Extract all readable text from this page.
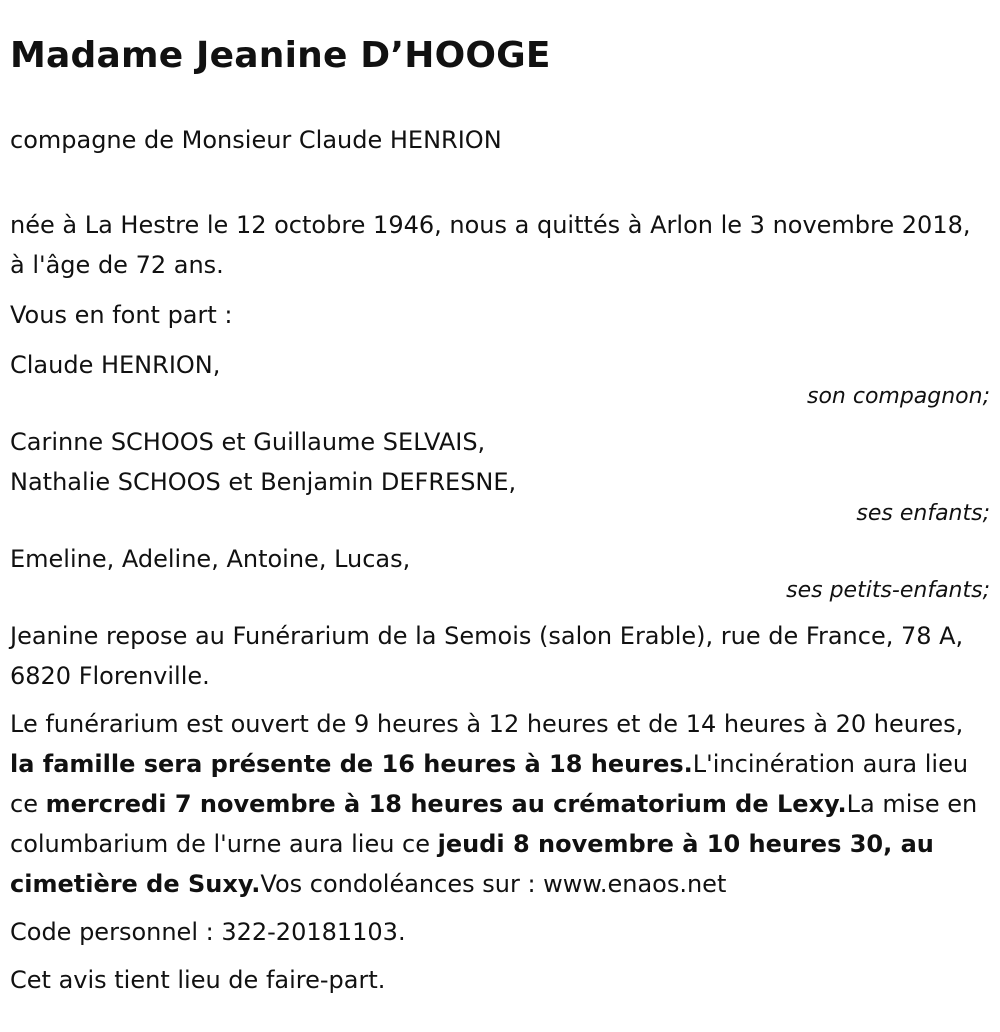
Madame Jeanine D’HOOGE

compagne de Monsieur Claude HENRION

née à La Hestre le 12 octobre 1946, nous a quittés à Arlon le 3 novembre 2018, à l'âge de 72 ans.

Vous en font part :

Claude HENRION,

son compagnon;

Carinne SCHOOS et Guillaume SELVAIS,

Nathalie SCHOOS et Benjamin DEFRESNE,

ses enfants;

Emeline, Adeline, Antoine, Lucas,

ses petits-enfants;

Jeanine repose au Funérarium de la Semois (salon Erable), rue de France, 78 A, 6820 Florenville.

Le funérarium est ouvert de 9 heures à 12 heures et de 14 heures à 20 heures, la famille sera présente de 16 heures à 18 heures.L'incinération aura lieu ce mercredi 7 novembre à 18 heures au crématorium de Lexy.La mise en columbarium de l'urne aura lieu ce jeudi 8 novembre à 10 heures 30, au cimetière de Suxy.Vos condoléances sur : www.enaos.net

Code personnel : 322-20181103.

Cet avis tient lieu de faire-part.
